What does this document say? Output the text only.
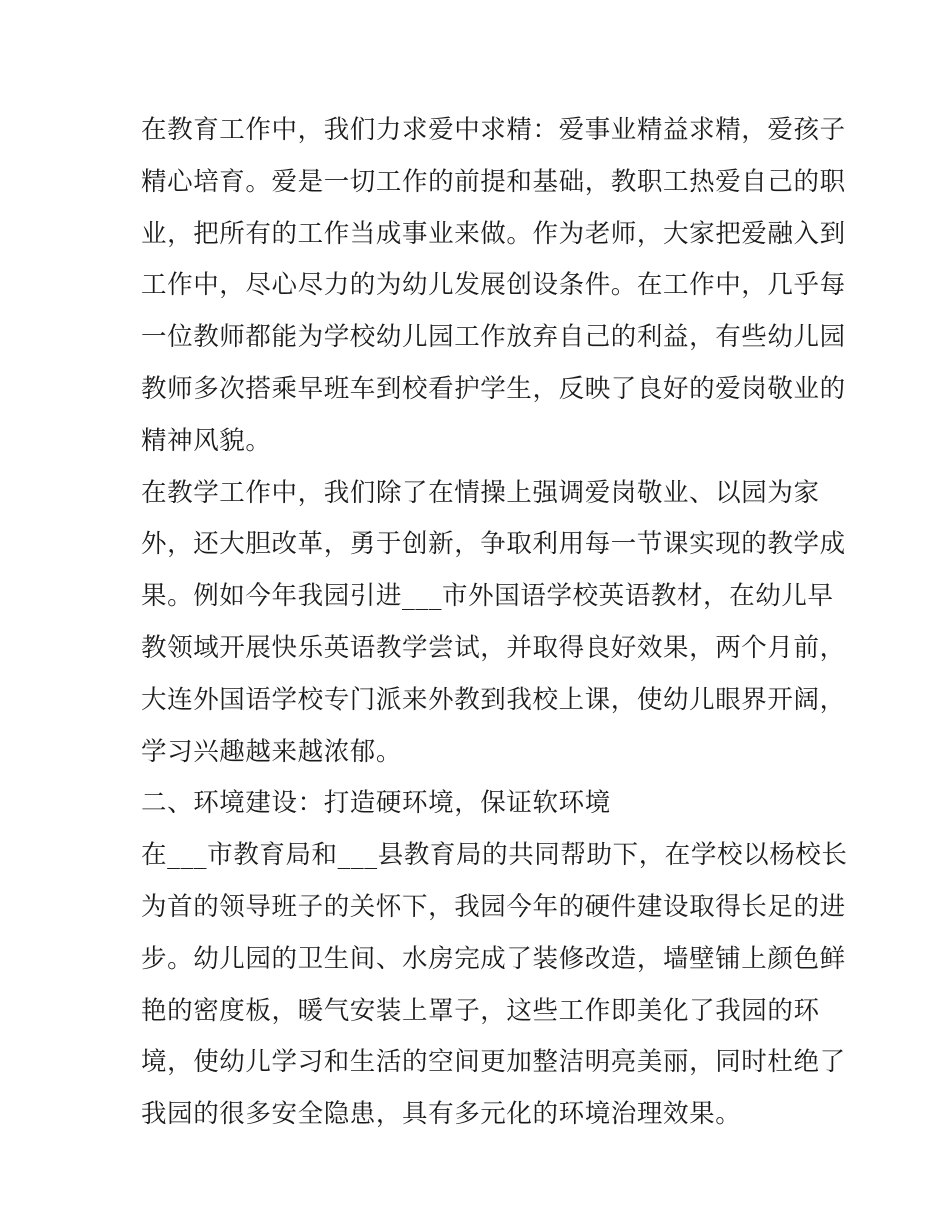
在教育工作中，我们力求爱中求精：爱事业精益求精，爱孩子
精心培育。爱是一切工作的前提和基础，教职工热爱自己的职
业，把所有的工作当成事业来做。作为老师，大家把爱融入到
工作中，尽心尽力的为幼儿发展创设条件。在工作中，几乎每
一位教师都能为学校幼儿园工作放弃自己的利益，有些幼儿园
教师多次搭乘早班车到校看护学生，反映了良好的爱岗敬业的
精神风貌。
在教学工作中，我们除了在情操上强调爱岗敬业、以园为家
外，还大胆改革，勇于创新，争取利用每一节课实现的教学成
果。例如今年我园引进___市外国语学校英语教材，在幼儿早
教领域开展快乐英语教学尝试，并取得良好效果，两个月前，
大连外国语学校专门派来外教到我校上课，使幼儿眼界开阔，
学习兴趣越来越浓郁。
二、环境建设：打造硬环境，保证软环境
在___市教育局和___县教育局的共同帮助下，在学校以杨校长
为首的领导班子的关怀下，我园今年的硬件建设取得长足的进
步。幼儿园的卫生间、水房完成了装修改造，墙壁铺上颜色鲜
艳的密度板，暖气安装上罩子，这些工作即美化了我园的环
境，使幼儿学习和生活的空间更加整洁明亮美丽，同时杜绝了
我园的很多安全隐患，具有多元化的环境治理效果。
